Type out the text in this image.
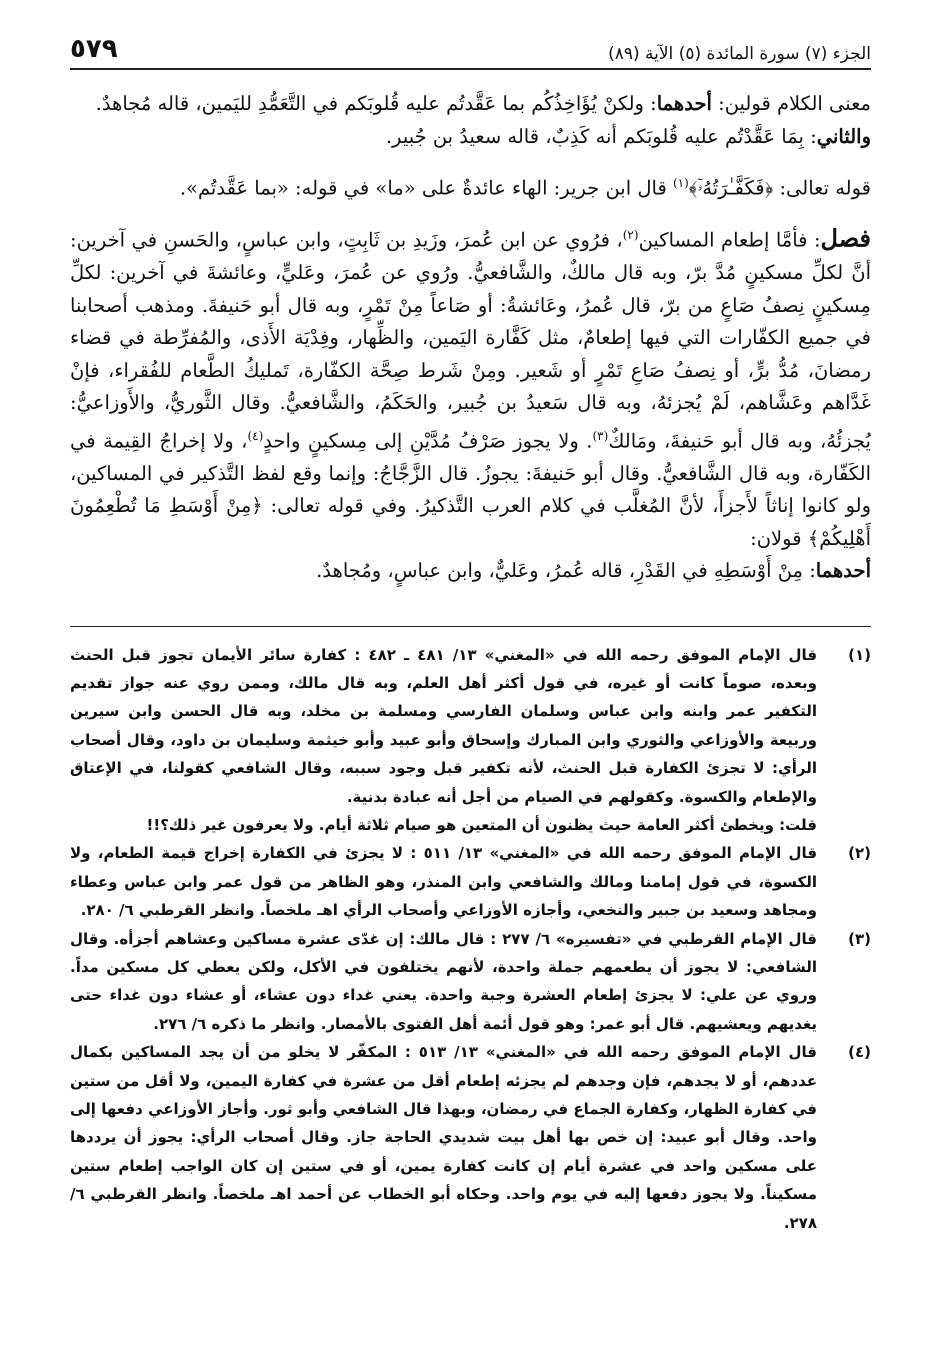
الجزء (٧) سورة المائدة (٥) الآية (٨٩)
٥٧٩

معنى الكلام قولين: أحدهما: ولكنْ يُؤَاخِذُكُم بما عَقَّدتُم عليه قُلوبَكم في التَّعَمُّدِ لليَمين، قاله مُجاهدٌ.

والثاني: بِمَا عَقَّدْتُم عليه قُلوبَكم أنه كَذِبٌ، قاله سعيدُ بن جُبير.

قوله تعالى: ﴿فَكَفَّـٰرَتُهُۥٓ﴾$^{(١)}$ قال ابن جرير: الهاء عائدةٌ على «ما» في قوله: «بما عَقَّدتُم».

فصل: فأمَّا إطعام المساكين$^{(٢)}$، فرُوي عن ابن عُمرَ، وزَيدِ بن ثَابِتٍ، وابن عباسٍ، والحَسنِ في آخرين: أنَّ لكلِّ مسكينٍ مُدَّ برّ، وبه قال مالكٌ، والشَّافعيُّ. ورُوي عن عُمرَ، وعَليٍّ، وعائشةَ في آخرين: لكلِّ مِسكينٍ نِصفُ صَاعٍ من برّ، قال عُمرُ، وعَائشةُ: أو صَاعاً مِنْ تَمْرٍ، وبه قال أبو حَنيفةَ. ومذهب أصحابنا في جميع الكفّارات التي فيها إطعامٌ، مثل كَفَّارة اليَمين، والظِّهار، وفِدْيَة الأَذى، والمُفرِّطة في قضاء رمضانَ، مُدُّ برٍّ، أو نِصفُ صَاعِ تَمْرٍ أو شَعير. ومِنْ شَرط صِحَّة الكفّارة، تَمليكُ الطَّعام للفُقراء، فإنْ غَدَّاهم وعَشَّاهم، لَمْ يُجزئهُ، وبه قال سَعيدُ بن جُبير، والحَكَمُ، والشَّافعيُّ. وقال الثَّوريُّ، والأَوزاعيُّ: يُجزئُهُ، وبه قال أبو حَنيفةَ، ومَالكٌ$^{(٣)}$. ولا يجوز صَرْفُ مُدَّيْنِ إلى مِسكينٍ واحدٍ$^{(٤)}$، ولا إخراجُ القِيمة في الكَفّارة، وبه قال الشَّافعيُّ. وقال أبو حَنيفةَ: يجوزُ. قال الزَّجَّاجُ: وإنما وقع لفظ التَّذكير في المساكين، ولو كانوا إناثاً لأَجزأَ، لأنَّ المُغلَّب في كلام العرب التَّذكيرُ. وفي قوله تعالى: ﴿مِنْ أَوْسَطِ مَا تُطْعِمُونَ أَهْلِيكُمْ﴾ قولان:

أحدهما: مِنْ أَوْسَطِهِ في القَدْرِ، قاله عُمرُ، وعَليٌّ، وابن عباسٍ، ومُجاهدٌ.

(١)
قال الإمام الموفق رحمه الله في «المغني» ١٣/ ٤٨١ ـ ٤٨٢ : كفارة سائر الأيمان تجوز قبل الحنث وبعده، صوماً كانت أو غيره، في قول أكثر أهل العلم، وبه قال مالك، وممن روي عنه جواز تقديم التكفير عمر وابنه وابن عباس وسلمان الفارسي ومسلمة بن مخلد، وبه قال الحسن وابن سيرين وربيعة والأوزاعي والثوري وابن المبارك وإسحاق وأبو عبيد وأبو خيثمة وسليمان بن داود، وقال أصحاب الرأي: لا تجزئ الكفارة قبل الحنث، لأنه تكفير قبل وجود سببه، وقال الشافعي كقولنا، في الإعتاق والإطعام والكسوة. وكقولهم في الصيام من أجل أنه عبادة بدنية.
قلت: ويخطئ أكثر العامة حيث يظنون أن المتعين هو صيام ثلاثة أيام. ولا يعرفون غير ذلك؟!!
(٢)
قال الإمام الموفق رحمه الله في «المغني» ١٣/ ٥١١ : لا يجزئ في الكفارة إخراج قيمة الطعام، ولا الكسوة، في قول إمامنا ومالك والشافعي وابن المنذر، وهو الظاهر من قول عمر وابن عباس وعطاء ومجاهد وسعيد بن جبير والنخعي، وأجازه الأوزاعي وأصحاب الرأي اهـ ملخصاً. وانظر القرطبي ٦/ ٢٨٠.
(٣)
قال الإمام القرطبي في «تفسيره» ٦/ ٢٧٧ : قال مالك: إن غدّى عشرة مساكين وعشاهم أجزأه. وقال الشافعي: لا يجوز أن يطعمهم جملة واحدة، لأنهم يختلفون في الأكل، ولكن يعطي كل مسكين مداً. وروي عن علي: لا يجزئ إطعام العشرة وجبة واحدة. يعني غداء دون عشاء، أو عشاء دون غداء حتى يغديهم ويعشيهم. قال أبو عمر: وهو قول أئمة أهل الفتوى بالأمصار. وانظر ما ذكره ٦/ ٢٧٦.
(٤)
قال الإمام الموفق رحمه الله في «المغني» ١٣/ ٥١٣ : المكفّر لا يخلو من أن يجد المساكين بكمال عددهم، أو لا يجدهم، فإن وجدهم لم يجزئه إطعام أقل من عشرة في كفارة اليمين، ولا أقل من ستين في كفارة الظهار، وكفارة الجماع في رمضان، وبهذا قال الشافعي وأبو ثور. وأجاز الأوزاعي دفعها إلى واحد. وقال أبو عبيد: إن خص بها أهل بيت شديدي الحاجة جاز. وقال أصحاب الرأي: يجوز أن يرددها على مسكين واحد في عشرة أيام إن كانت كفارة يمين، أو في ستين إن كان الواجب إطعام ستين مسكيناً. ولا يجوز دفعها إليه في يوم واحد. وحكاه أبو الخطاب عن أحمد اهـ ملخصاً. وانظر القرطبي ٦/ ٢٧٨.
